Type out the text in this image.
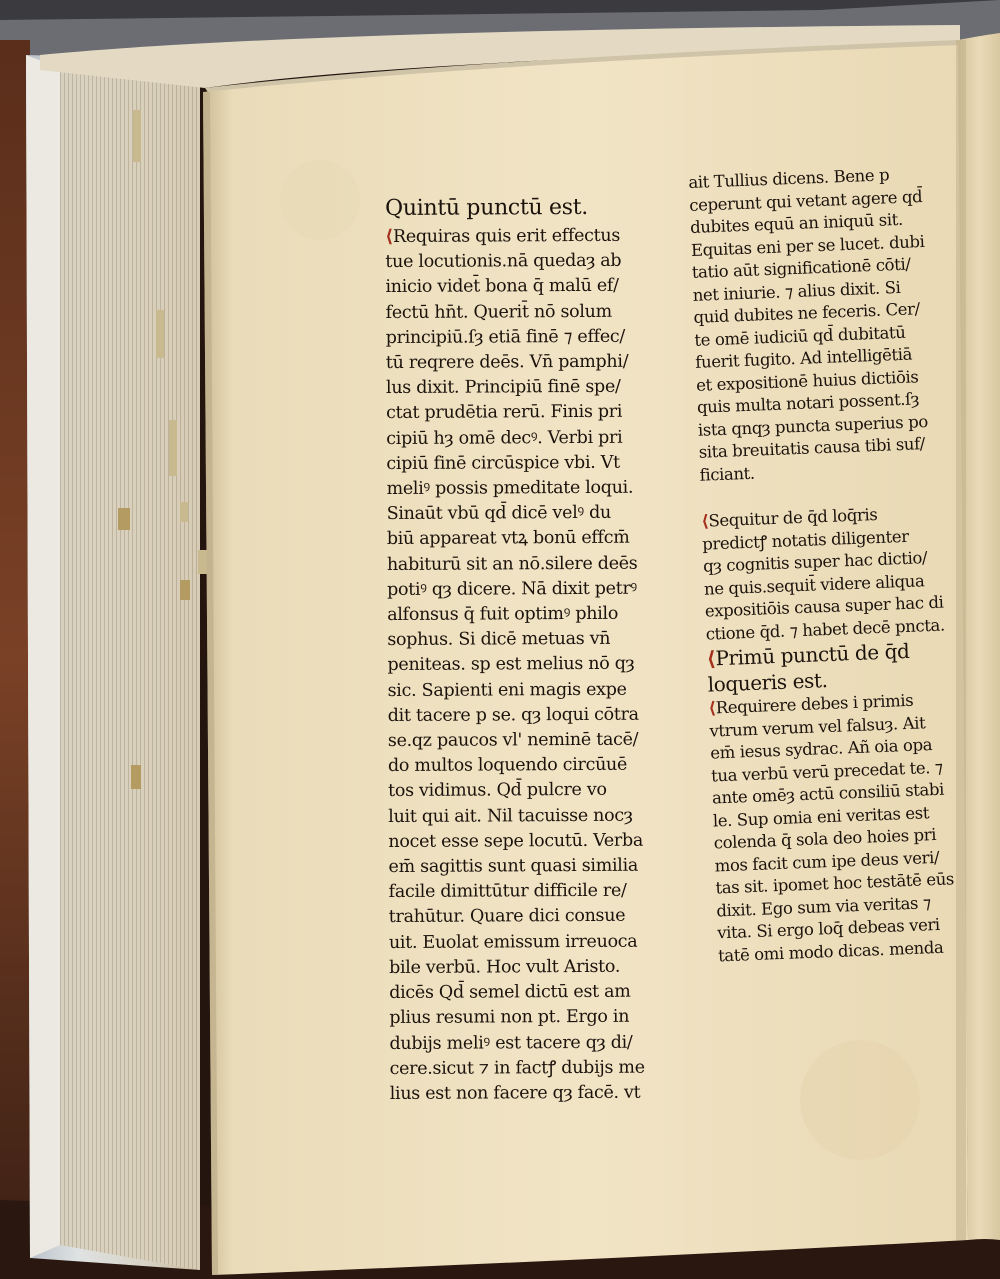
Quintū punctū est.
⟨Requiras quis erit effectus
tue locutionis.nā quedaȝ ab
inicio videt̄ bona q̄ malū ef/
fectū hn̄t. Querit̄ nō solum
principiū.ſȝ etiā finē ⁊ effec/
tū reqrere deēs. Vn̄ pamphi/
lus dixit. Principiū finē spe/
ctat prudētia rerū. Finis pri
cipiū hȝ omē decꝰ. Verbi pri
cipiū finē circūspice vbi. Vt
meliꝰ possis pmeditate loqui.
Sinaūt vbū qd̄ dicē velꝰ du
biū appareat vtꝝ bonū effcm̄
habiturū sit an nō.silere deēs
potiꝰ qȝ dicere. Nā dixit petrꝰ
alfonsus q̄ fuit optimꝰ philo
sophus. Si dicē metuas vn̄
peniteas. sp est melius nō qȝ
sic. Sapienti eni magis expe
dit tacere p se. qȝ loqui cōtra
se.qz paucos vl' neminē tacē/
do multos loquendo circūuē
tos vidimus. Qd̄ pulcre vo
luit qui ait. Nil tacuisse nocȝ
nocet esse sepe locutū. Verba
em̄ sagittis sunt quasi similia
facile dimittūtur difficile re/
trahūtur. Quare dici consue
uit. Euolat emissum irreuoca
bile verbū. Hoc vult Aristo.
dicēs Qd̄ semel dictū est am
plius resumi non pt. Ergo in
dubijs meliꝰ est tacere qȝ di/
cere.sicut ⁊ in factꝭ dubijs me
lius est non facere qȝ facē. vt
ait Tullius dicens. Bene p
ceperunt qui vetant agere qd̄
dubites equū an iniquū sit.
Equitas eni per se lucet. dubi
tatio aūt significationē cōti/
net iniurie. ⁊ alius dixit. Si
quid dubites ne feceris. Cer/
te omē iudiciū qd̄ dubitatū
fuerit fugito. Ad intelligētiā
et expositionē huius dictiōis
quis multa notari possent.ſȝ
ista qnqȝ puncta superius po
sita breuitatis causa tibi suf/
ficiant.
⟨Sequitur de q̄d loq̄ris
predictꝭ notatis diligenter
qȝ cognitis super hac dictio/
ne quis.sequit̄ videre aliqua
expositiōis causa super hac di
ctione q̄d. ⁊ habet decē pncta.
⟨Primū punctū de q̄d
loqueris est.
⟨Requirere debes i primis
vtrum verum vel falsuȝ. Ait
em̄ iesus sydrac. Añ oia opa
tua verbū verū precedat te. ⁊
ante omēȝ actū consiliū stabi
le. Sup omia eni veritas est
colenda q̄ sola deo hoies pri
mos facit cum ipe deus veri/
tas sit. ipomet hoc testātē eūs
dixit. Ego sum via veritas ⁊
vita. Si ergo loq̄ debeas veri
tatē omi modo dicas. menda
